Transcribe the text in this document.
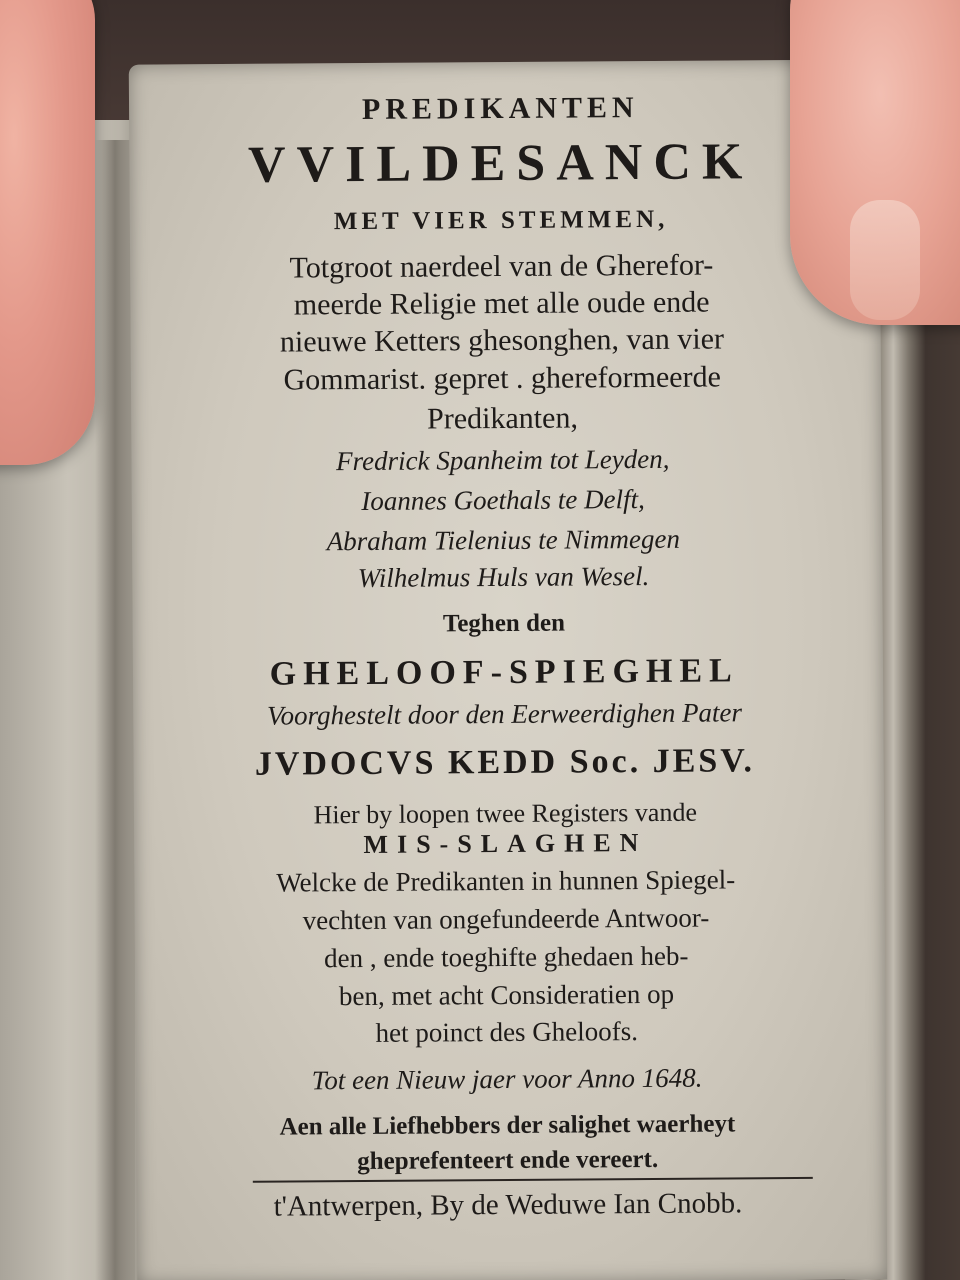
PREDIKANTEN
VVILDESANCK
MET VIER STEMMEN,
Totgroot naerdeel van de Gherefor-
meerde Religie met alle oude ende
nieuwe Ketters ghesonghen, van vier
Gommarist. gepret . ghereformeerde
Predikanten,
Fredrick Spanheim tot Leyden,
Ioannes Goethals te Delft,
Abraham Tielenius te Nimmegen
Wilhelmus Huls van Wesel.
Teghen den
GHELOOF-SPIEGHEL
Voorghestelt door den Eerweerdighen Pater
JVDOCVS KEDD Soc. JESV.
Hier by loopen twee Registers vande
MIS-SLAGHEN
Welcke de Predikanten in hunnen Spiegel-
vechten van ongefundeerde Antwoor-
den , ende toeghifte ghedaen heb-
ben, met acht Consideratien op
het poinct des Gheloofs.
Tot een Nieuw jaer voor Anno 1648.
Aen alle Liefhebbers der salighet waerheyt
gheprefenteert ende vereert.
t'Antwerpen, By de Weduwe Ian Cnobb.
